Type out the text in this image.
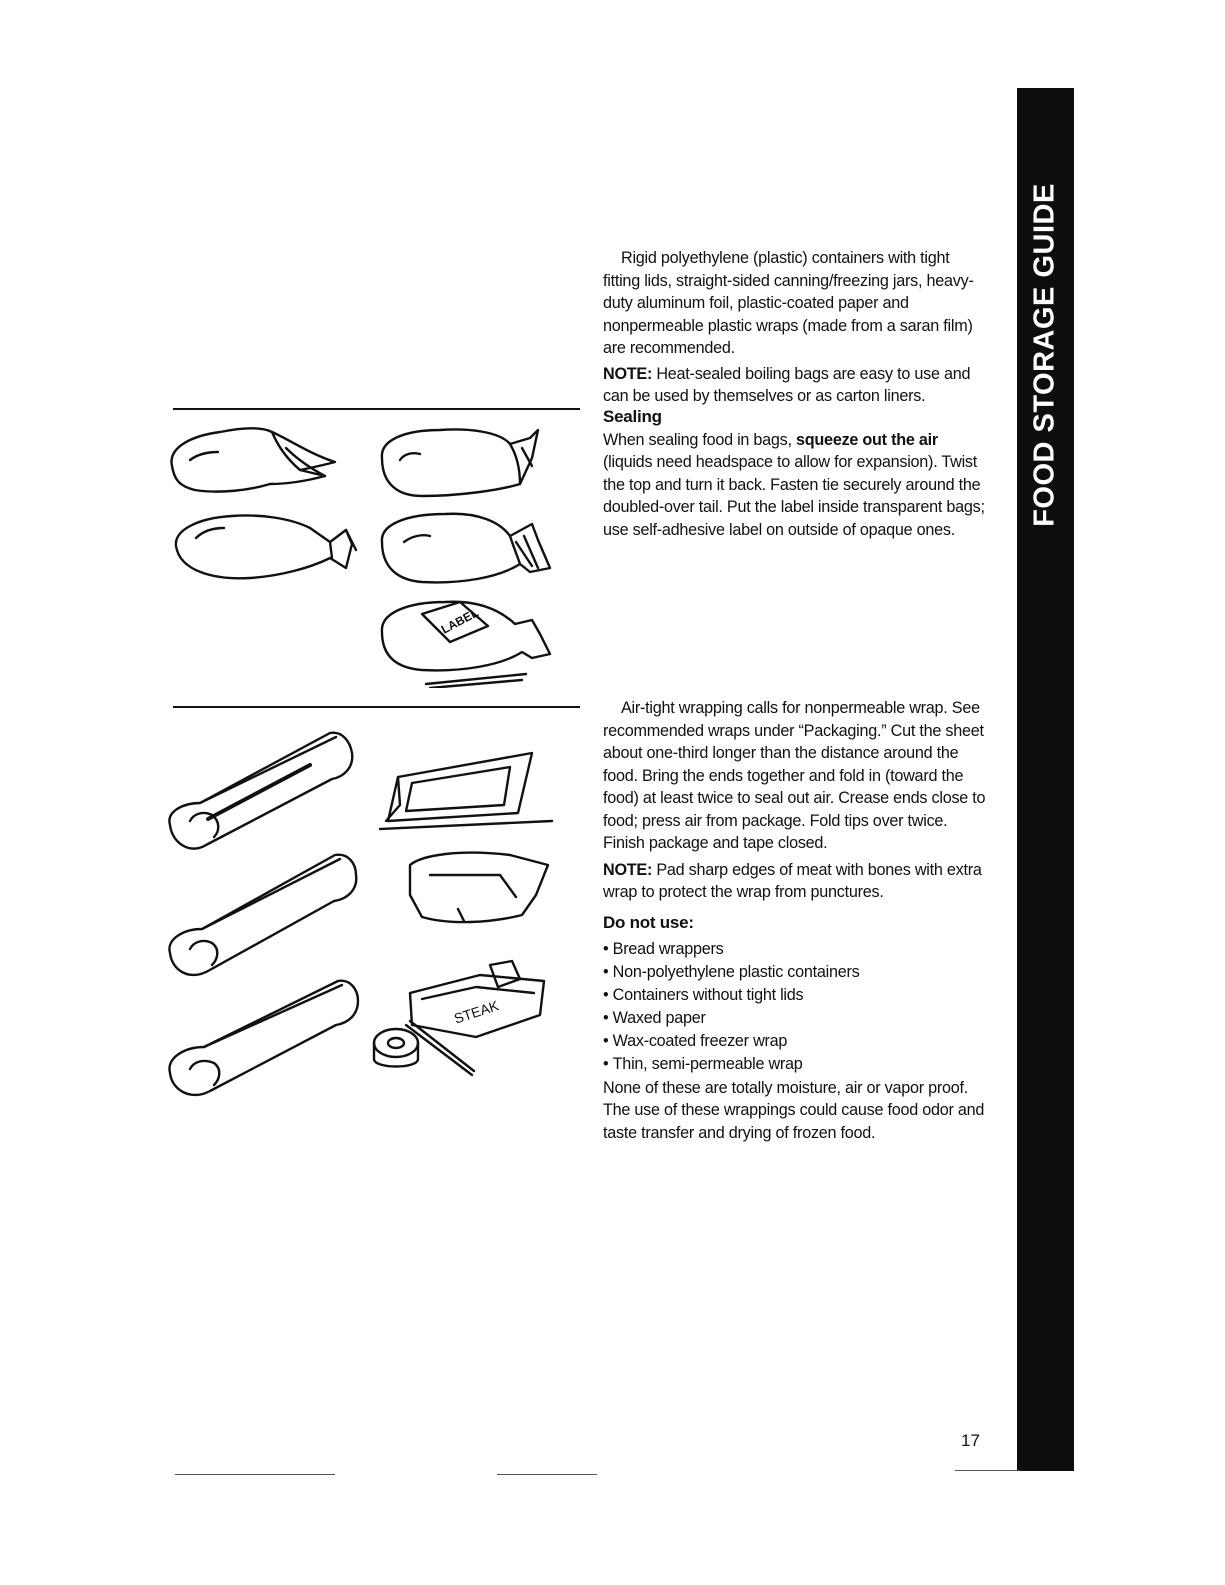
FOOD STORAGE GUIDE

Rigid polyethylene (plastic) containers with tight fitting lids, straight-sided canning/freezing jars, heavy-duty aluminum foil, plastic-coated paper and nonpermeable plastic wraps (made from a saran film) are recommended.

NOTE: Heat-sealed boiling bags are easy to use and can be used by themselves or as carton liners.

Sealing

When sealing food in bags, squeeze out the air (liquids need headspace to allow for expansion). Twist the top and turn it back. Fasten tie securely around the doubled-over tail. Put the label inside transparent bags; use self-adhesive label on outside of opaque ones.

Air-tight wrapping calls for nonpermeable wrap. See recommended wraps under “Packaging.” Cut the sheet about one-third longer than the distance around the food. Bring the ends together and fold in (toward the food) at least twice to seal out air. Crease ends close to food; press air from package. Fold tips over twice. Finish package and tape closed.

NOTE: Pad sharp edges of meat with bones with extra wrap to protect the wrap from punctures.

Do not use:

• Bread wrappers
• Non-polyethylene plastic containers
• Containers without tight lids
• Waxed paper
• Wax-coated freezer wrap
• Thin, semi-permeable wrap

None of these are totally moisture, air or vapor proof. The use of these wrappings could cause food odor and taste transfer and drying of frozen food.

LABEL
STEAK
17
